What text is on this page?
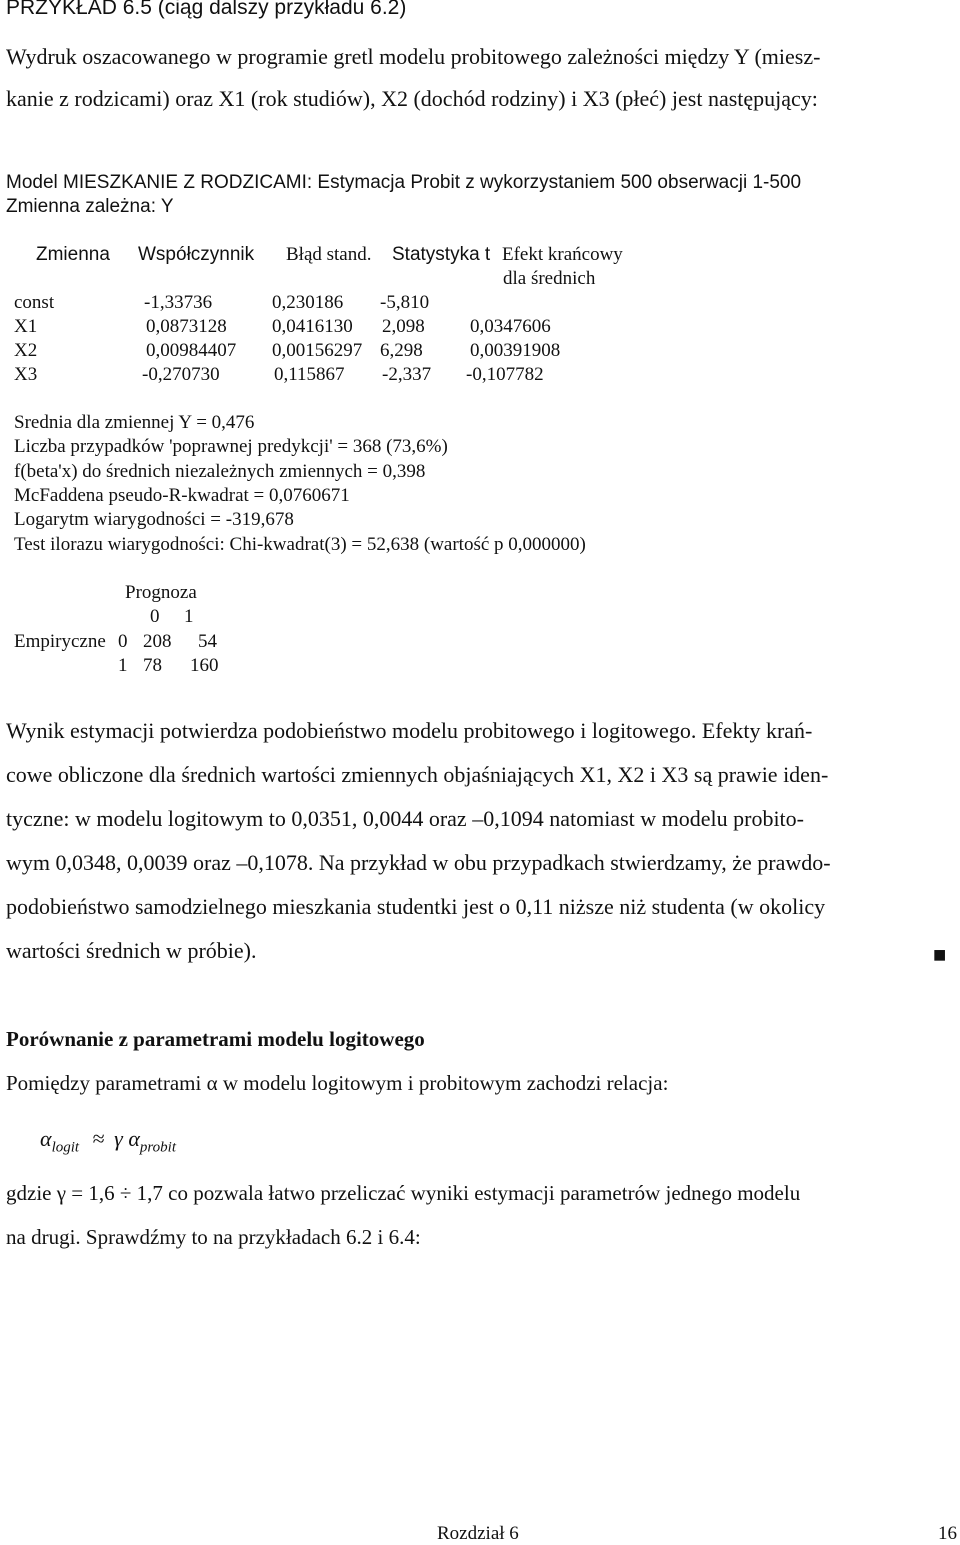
PRZYKŁAD 6.5 (ciąg dalszy przykładu 6.2)
Wydruk oszacowanego w programie gretl modelu probitowego zależności między Y (miesz-
kanie z rodzicami) oraz X1 (rok studiów), X2 (dochód rodziny) i X3 (płeć) jest następujący:
Model MIESZKANIE Z RODZICAMI: Estymacja Probit z wykorzystaniem 500 obserwacji 1-500
Zmienna zależna: Y
Zmienna Współczynnik Błąd stand. Statystyka t Efekt krańcowy
dla średnich
const	-1,33736	0,230186 -5,810
X1	0,0873128 0,0416130 2,098 0,0347606
X2	0,00984407 0,00156297 6,298 0,00391908
X3	-0,270730	0,115867 -2,337 -0,107782
Srednia dla zmiennej Y = 0,476
Liczba przypadków 'poprawnej predykcji' = 368 (73,6%)
f(beta'x) do średnich niezależnych zmiennych = 0,398
McFaddena pseudo-R-kwadrat = 0,0760671
Logarytm wiarygodności = -319,678
Test ilorazu wiarygodności: Chi-kwadrat(3) = 52,638 (wartość p 0,000000)
Prognoza
0 1
Empiryczne 0 208 54
1 78 160
Wynik estymacji potwierdza podobieństwo modelu probitowego i logitowego. Efekty krań-
cowe obliczone dla średnich wartości zmiennych objaśniających X1, X2 i X3 są prawie iden-
tyczne: w modelu logitowym to 0,0351, 0,0044 oraz –0,1094 natomiast w modelu probito-
wym 0,0348, 0,0039 oraz –0,1078. Na przykład w obu przypadkach stwierdzamy, że prawdo-
podobieństwo samodzielnego mieszkania studentki jest o 0,11 niższe niż studenta (w okolicy
wartości średnich w próbie).	■
Porównanie z parametrami modelu logitowego
Pomiędzy parametrami α w modelu logitowym i probitowym zachodzi relacja:
$\alpha_{logit} \approx \gamma$ $\alpha_{probit}$
gdzie γ = 1,6 ÷ 1,7 co pozwala łatwo przeliczać wyniki estymacji parametrów jednego modelu
na drugi. Sprawdźmy to na przykładach 6.2 i 6.4:
Rozdział 6	16
